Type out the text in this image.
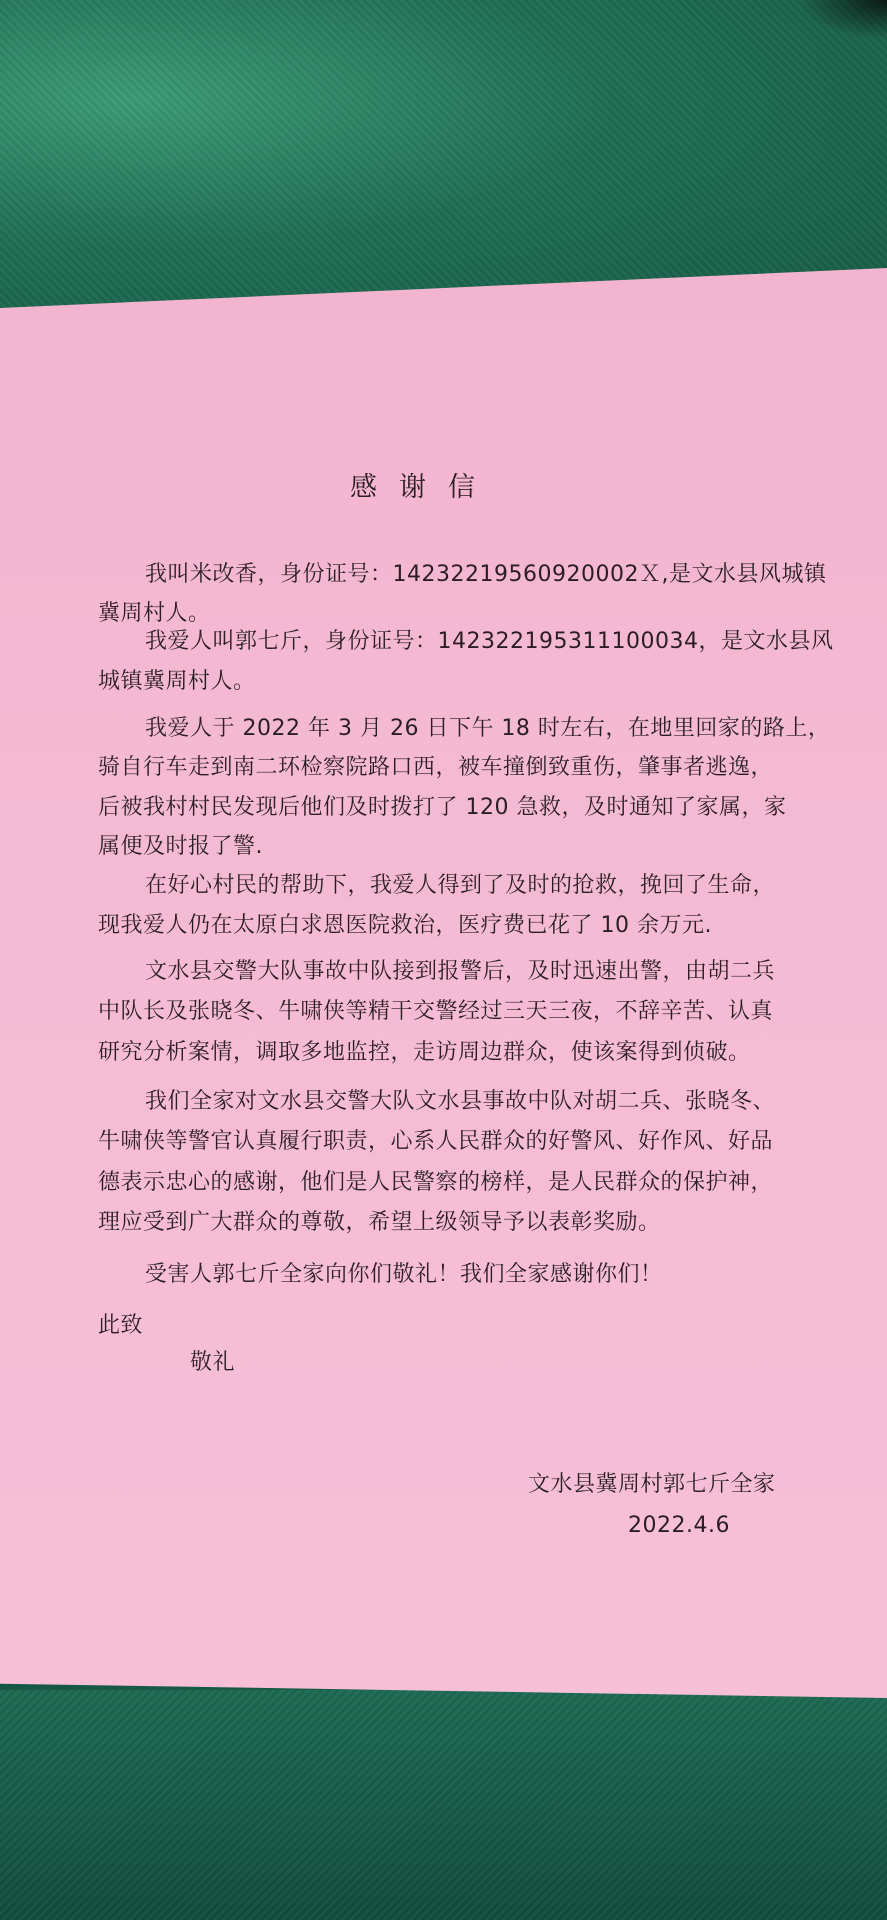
感谢信
我叫米改香，身份证号：14232219560920002Ｘ,是文水县风城镇
冀周村人。
我爱人叫郭七斤，身份证号：142322195311100034，是文水县风
城镇冀周村人。
我爱人于 2022 年 3 月 26 日下午 18 时左右，在地里回家的路上，
骑自行车走到南二环检察院路口西，被车撞倒致重伤，肇事者逃逸，
后被我村村民发现后他们及时拨打了 120 急救，及时通知了家属，家
属便及时报了警.
在好心村民的帮助下，我爱人得到了及时的抢救，挽回了生命，
现我爱人仍在太原白求恩医院救治，医疗费已花了 10 余万元.
文水县交警大队事故中队接到报警后，及时迅速出警，由胡二兵
中队长及张晓冬、牛啸侠等精干交警经过三天三夜，不辞辛苦、认真
研究分析案情，调取多地监控，走访周边群众，使该案得到侦破。
我们全家对文水县交警大队文水县事故中队对胡二兵、张晓冬、
牛啸侠等警官认真履行职责，心系人民群众的好警风、好作风、好品
德表示忠心的感谢，他们是人民警察的榜样，是人民群众的保护神，
理应受到广大群众的尊敬，希望上级领导予以表彰奖励。
受害人郭七斤全家向你们敬礼！我们全家感谢你们！
此致
敬礼
文水县冀周村郭七斤全家
2022.4.6
